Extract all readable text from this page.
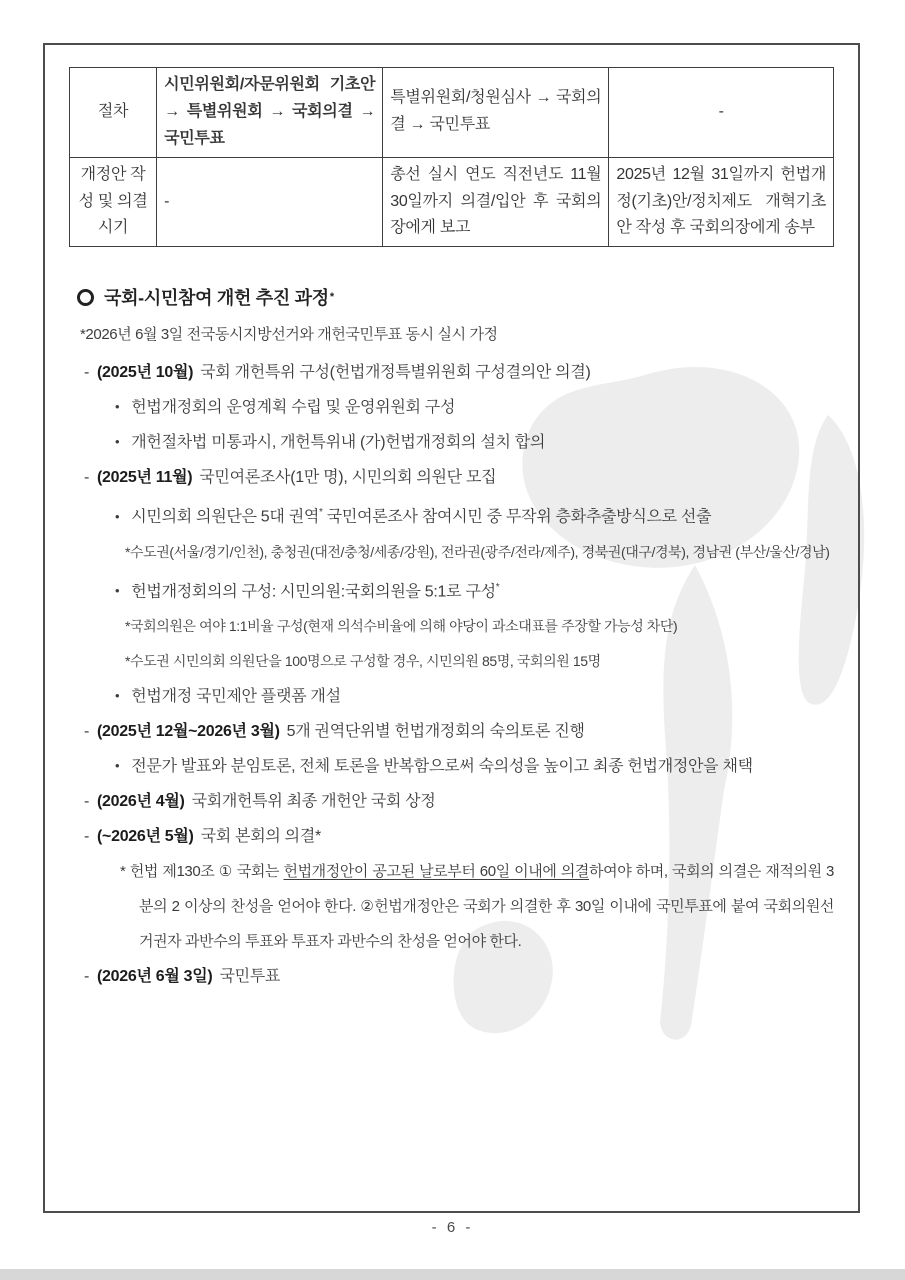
절차	시민위원회/자문위원회 기초안 → 특별위원회 → 국회의결 → 국민투표	특별위원회/청원심사 → 국회의결 → 국민투표	-
개정안 작성 및 의결 시기	-	총선 실시 연도 직전년도 11월 30일까지 의결/입안 후 국회의장에게 보고	2025년 12월 31일까지 헌법개정(기초)안/정치제도 개혁기초안 작성 후 국회의장에게 송부
국회-시민참여 개헌 추진 과정 *
*2026년 6월 3일 전국동시지방선거와 개헌국민투표 동시 실시 가정
- (2025년 10월) 국회 개헌특위 구성(헌법개정특별위원회 구성결의안 의결)
• 헌법개정회의 운영계획 수립 및 운영위원회 구성
• 개헌절차법 미통과시, 개헌특위내 (가)헌법개정회의 설치 합의
- (2025년 11월) 국민여론조사(1만 명), 시민의회 의원단 모집
• 시민의회 의원단은 5대 권역* 국민여론조사 참여시민 중 무작위 층화추출방식으로 선출
*수도권(서울/경기/인천), 충청권(대전/충청/세종/강원), 전라권(광주/전라/제주), 경북권(대구/경북), 경남권 (부산/울산/경남)
• 헌법개정회의의 구성: 시민의원:국회의원을 5:1로 구성*
*국회의원은 여야 1:1비율 구성(현재 의석수비율에 의해 야당이 과소대표를 주장할 가능성 차단)
*수도권 시민의회 의원단을 100명으로 구성할 경우, 시민의원 85명, 국회의원 15명
• 헌법개정 국민제안 플랫폼 개설
- (2025년 12월~2026년 3월) 5개 권역단위별 헌법개정회의 숙의토론 진행
• 전문가 발표와 분임토론, 전체 토론을 반복함으로써 숙의성을 높이고 최종 헌법개정안을 채택
- (2026년 4월) 국회개헌특위 최종 개헌안 국회 상정
- (~2026년 5월) 국회 본회의 의결*
* 헌법 제130조 ① 국회는 헌법개정안이 공고된 날로부터 60일 이내에 의결하여야 하며, 국회의 의결은 재적의원 3분의 2 이상의 찬성을 얻어야 한다. ②헌법개정안은 국회가 의결한 후 30일 이내에 국민투표에 붙여 국회의원선거권자 과반수의 투표와 투표자 과반수의 찬성을 얻어야 한다.
- (2026년 6월 3일) 국민투표
- 6 -
